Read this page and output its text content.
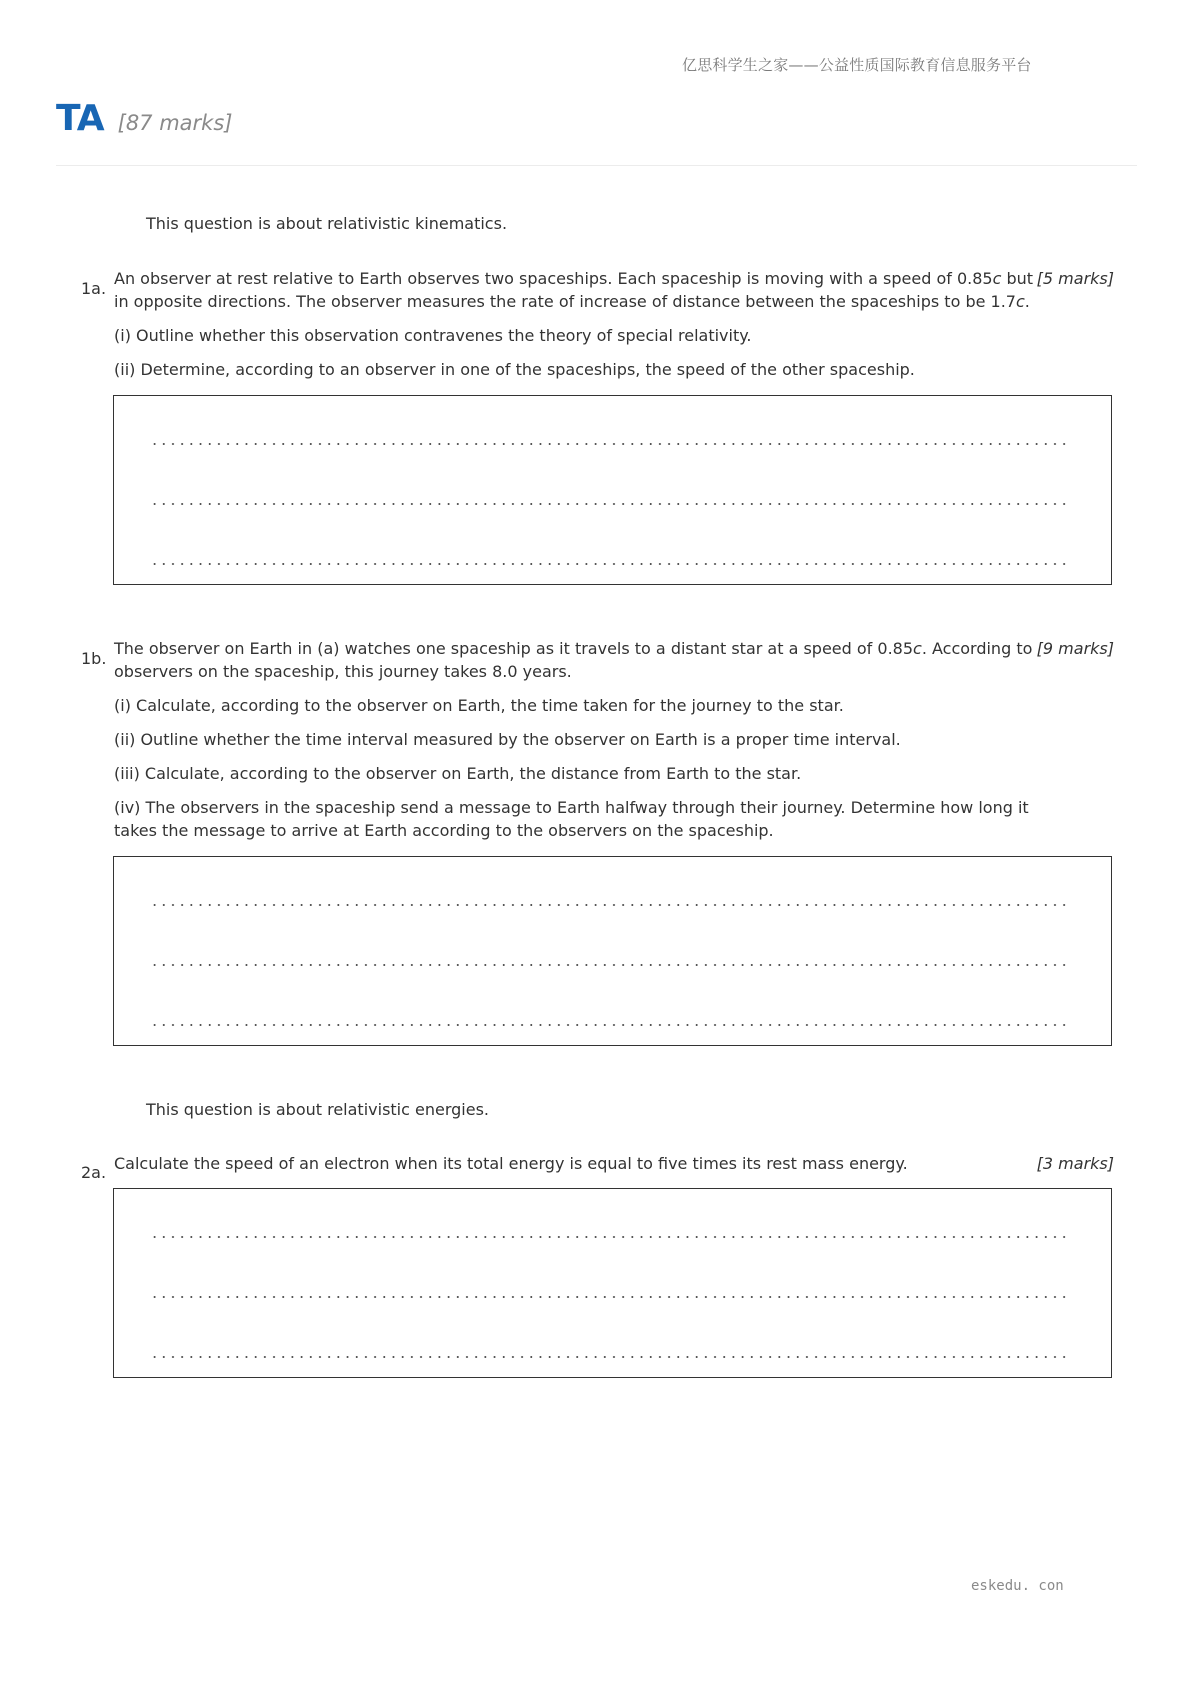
亿思科学生之家——公益性质国际教育信息服务平台
TA [87 marks]
This question is about relativistic kinematics.
1a.

An observer at rest relative to Earth observes two spaceships. Each spaceship is moving with a speed of 0.85c but in opposite directions. The observer measures the rate of increase of distance between the spaceships to be 1.7c.

(i) Outline whether this observation contravenes the theory of special relativity.

(ii) Determine, according to an observer in one of the spaceships, the speed of the other spaceship.

[5 marks]
1b.

The observer on Earth in (a) watches one spaceship as it travels to a distant star at a speed of 0.85c. According to observers on the spaceship, this journey takes 8.0 years.

(i) Calculate, according to the observer on Earth, the time taken for the journey to the star.

(ii) Outline whether the time interval measured by the observer on Earth is a proper time interval.

(iii) Calculate, according to the observer on Earth, the distance from Earth to the star.

(iv) The observers in the spaceship send a message to Earth halfway through their journey. Determine how long it takes the message to arrive at Earth according to the observers on the spaceship.

[9 marks]
This question is about relativistic energies.
2a. Calculate the speed of an electron when its total energy is equal to five times its rest mass energy.	[3 marks]
eskedu. con
